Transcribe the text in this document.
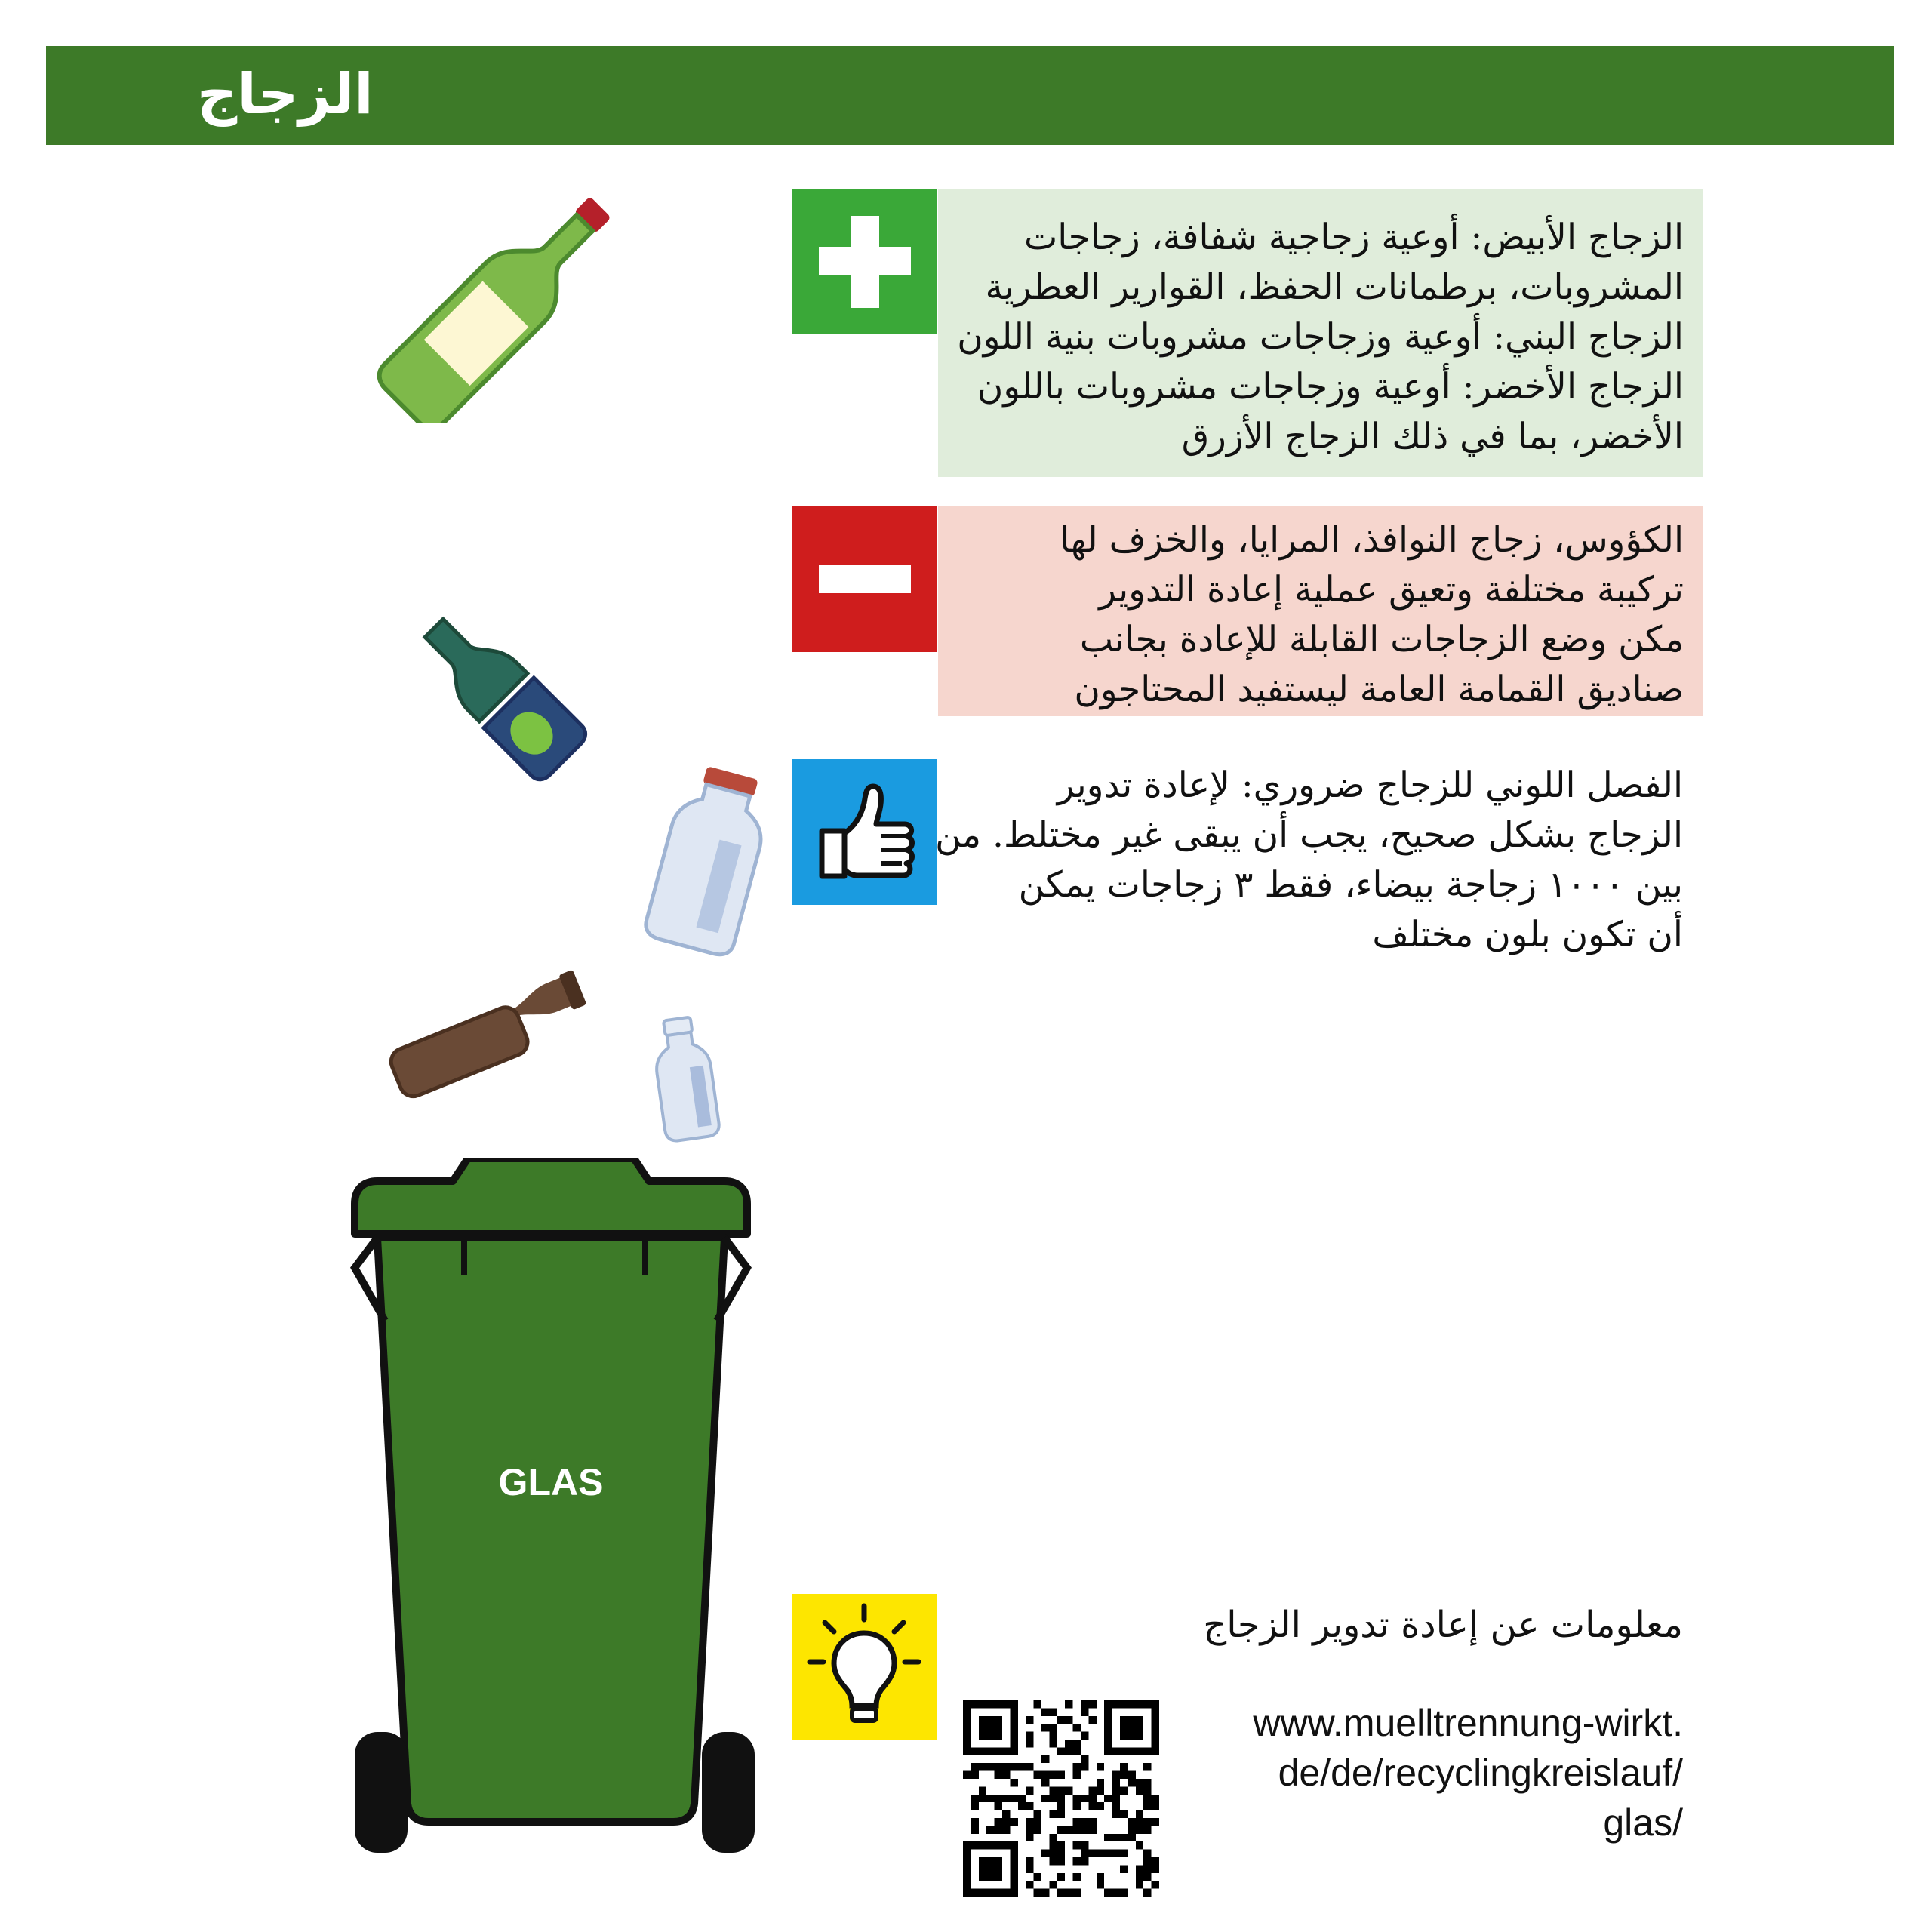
الزجاج
الزجاج الأبيض: أوعية زجاجية شفافة، زجاجات
المشروبات، برطمانات الحفظ، القوارير العطرية
الزجاج البني: أوعية وزجاجات مشروبات بنية اللون
الزجاج الأخضر: أوعية وزجاجات مشروبات باللون
الأخضر، بما في ذلك الزجاج الأزرق
الكؤوس، زجاج النوافذ، المرايا، والخزف لها
تركيبة مختلفة وتعيق عملية إعادة التدوير
مكن وضع الزجاجات القابلة للإعادة بجانب
صناديق القمامة العامة ليستفيد المحتاجون
الفصل اللوني للزجاج ضروري: لإعادة تدوير
الزجاج بشكل صحيح، يجب أن يبقى غير مختلط. من
بين ١٠٠٠ زجاجة بيضاء، فقط ٣ زجاجات يمكن
أن تكون بلون مختلف
معلومات عن إعادة تدوير الزجاج
www.muelltrennung-wirkt.
de/de/recyclingkreislauf/
glas/
GLAS
